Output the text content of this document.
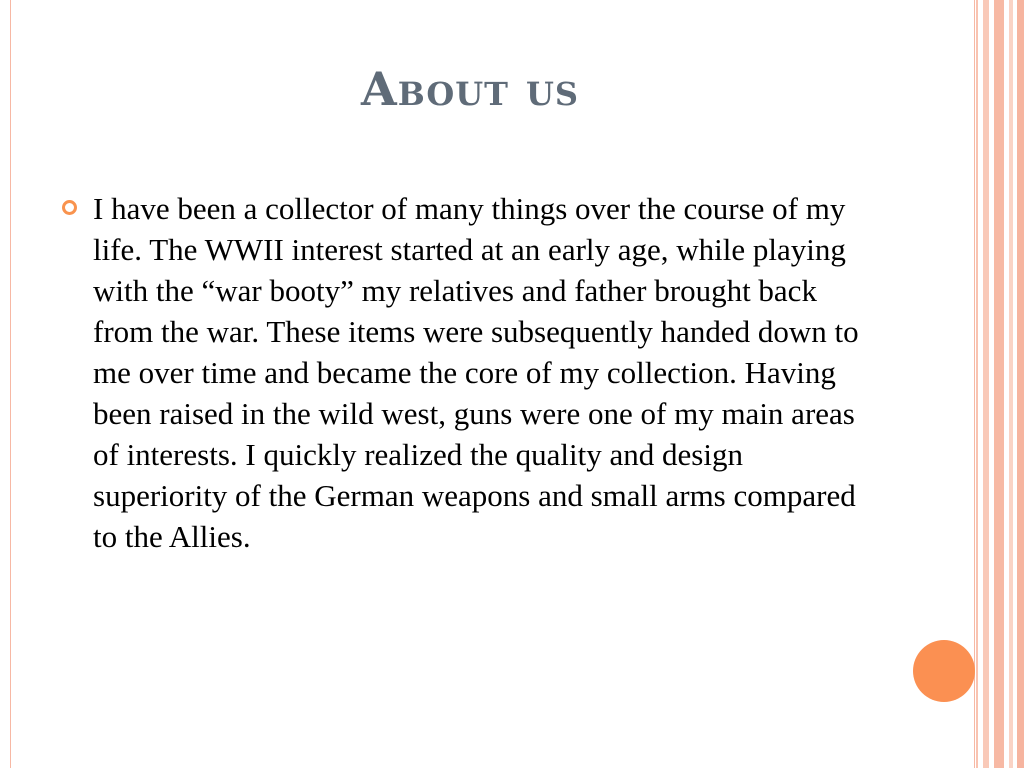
About us
I have been a collector of many things over the course of my life. The WWII interest started at an early age, while playing with the “war booty” my relatives and father brought back from the war. These items were subsequently handed down to me over time and became the core of my collection. Having been raised in the wild west, guns were one of my main areas of interests. I quickly realized the quality and design superiority of the German weapons and small arms compared to the Allies.
